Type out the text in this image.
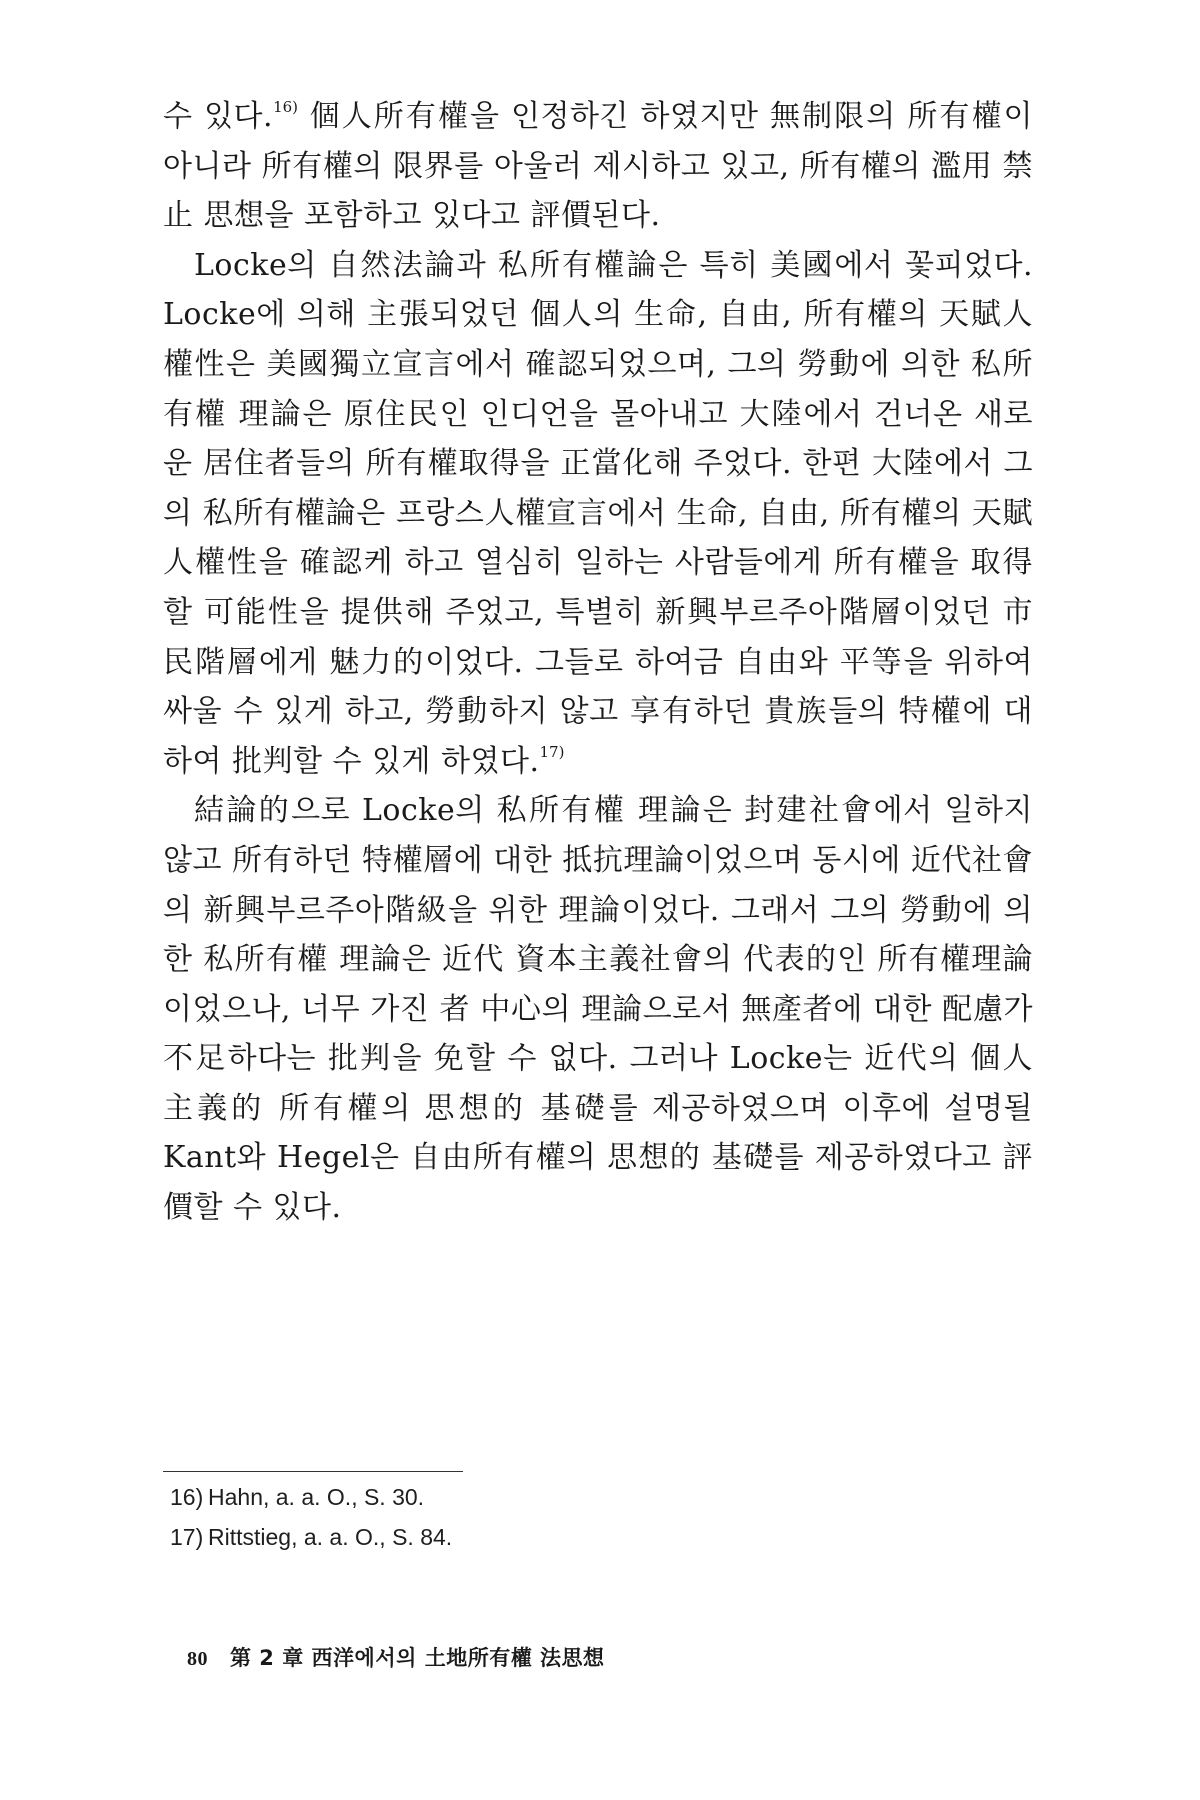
수 있다.$^{16)}$ 個人所有權을 인정하긴 하였지만 無制限의 所有權이 아니라 所有權의 限界를 아울러 제시하고 있고, 所有權의 濫用 禁止 思想을 포함하고 있다고 評價된다.

Locke의 自然法論과 私所有權論은 특히 美國에서 꽃피었다. Locke에 의해 主張되었던 個人의 生命, 自由, 所有權의 天賦人權性은 美國獨立宣言에서 確認되었으며, 그의 勞動에 의한 私所有權 理論은 原住民인 인디언을 몰아내고 大陸에서 건너온 새로운 居住者들의 所有權取得을 正當化해 주었다. 한편 大陸에서 그의 私所有權論은 프랑스人權宣言에서 生命, 自由, 所有權의 天賦人權性을 確認케 하고 열심히 일하는 사람들에게 所有權을 取得할 可能性을 提供해 주었고, 특별히 新興부르주아階層이었던 市民階層에게 魅力的이었다. 그들로 하여금 自由와 平等을 위하여 싸울 수 있게 하고, 勞動하지 않고 享有하던 貴族들의 特權에 대하여 批判할 수 있게 하였다.$^{17)}$

結論的으로 Locke의 私所有權 理論은 封建社會에서 일하지 않고 所有하던 特權層에 대한 抵抗理論이었으며 동시에 近代社會의 新興부르주아階級을 위한 理論이었다. 그래서 그의 勞動에 의한 私所有權 理論은 近代 資本主義社會의 代表的인 所有權理論이었으나, 너무 가진 者 中心의 理論으로서 無產者에 대한 配慮가 不足하다는 批判을 免할 수 없다. 그러나 Locke는 近代의 個人主義的 所有權의 思想的 基礎를 제공하였으며 이후에 설명될 Kant와 Hegel은 自由所有權의 思想的 基礎를 제공하였다고 評價할 수 있다.

16) Hahn, a. a. O., S. 30.
17) Rittstieg, a. a. O., S. 84.
80 第 2 章 西洋에서의 土地所有權 法思想
